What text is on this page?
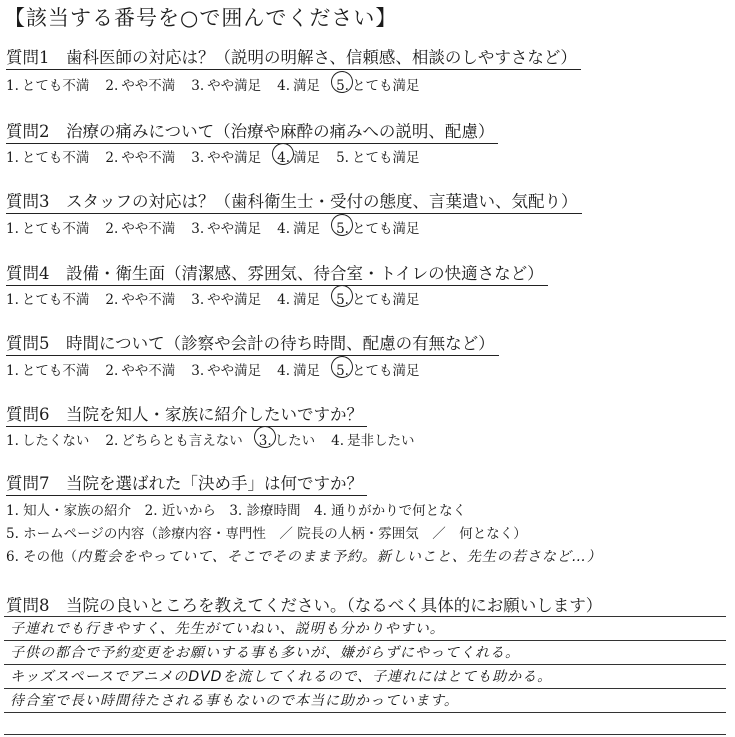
【該当する番号を○で囲んでください】
質問1　歯科医師の対応は？（説明の明解さ、信頼感、相談のしやすさなど）
1. とても不満 2. やや不満 3. やや満足 4. 満足 5. とても満足
質問2　治療の痛みについて（治療や麻酔の痛みへの説明、配慮）
1. とても不満 2. やや不満 3. やや満足 4. 満足 5. とても満足
質問3　スタッフの対応は？（歯科衛生士・受付の態度、言葉遣い、気配り）
1. とても不満 2. やや不満 3. やや満足 4. 満足 5. とても満足
質問4　設備・衛生面（清潔感、雰囲気、待合室・トイレの快適さなど）
1. とても不満 2. やや不満 3. やや満足 4. 満足 5. とても満足
質問5　時間について（診察や会計の待ち時間、配慮の有無など）
1. とても不満 2. やや不満 3. やや満足 4. 満足 5. とても満足
質問6　当院を知人・家族に紹介したいですか？
1. したくない 2. どちらとも言えない 3. したい 4. 是非したい
質問7　当院を選ばれた「決め手」は何ですか？
1. 知人・家族の紹介　2. 近いから　3. 診療時間　4. 通りがかりで何となく
5. ホームページの内容（診療内容・専門性　／ 院長の人柄・雰囲気　／　何となく）
6. その他（内覧会をやっていて、そこでそのまま予約。新しいこと、先生の若さなど…）
質問8　当院の良いところを教えてください。（なるべく具体的にお願いします）
子連れでも行きやすく、先生がていねい、説明も分かりやすい。
子供の都合で予約変更をお願いする事も多いが、嫌がらずにやってくれる。
キッズスペースでアニメのDVDを流してくれるので、子連れにはとても助かる。
待合室で長い時間待たされる事もないので本当に助かっています。
